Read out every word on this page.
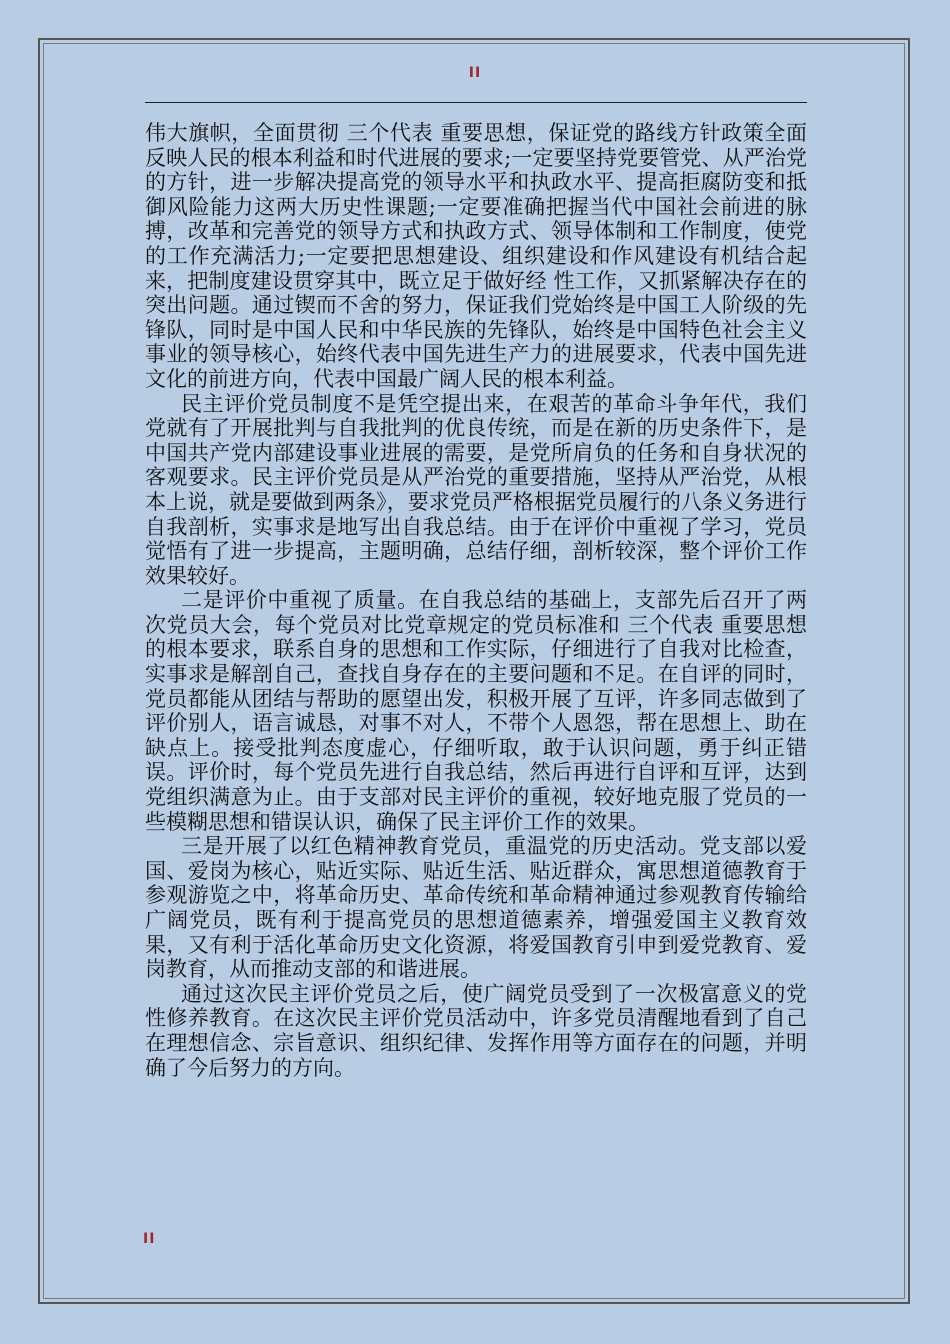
II

伟大旗帜，全面贯彻 三个代表 重要思想，保证党的路线方针政策全面反映人民的根本利益和时代进展的要求;一定要坚持党要管党、从严治党的方针，进一步解决提高党的领导水平和执政水平、提高拒腐防变和抵御风险能力这两大历史性课题;一定要准确把握当代中国社会前进的脉搏，改革和完善党的领导方式和执政方式、领导体制和工作制度，使党的工作充满活力;一定要把思想建设、组织建设和作风建设有机结合起来，把制度建设贯穿其中，既立足于做好经 性工作，又抓紧解决存在的突出问题。通过锲而不舍的努力，保证我们党始终是中国工人阶级的先锋队，同时是中国人民和中华民族的先锋队，始终是中国特色社会主义事业的领导核心，始终代表中国先进生产力的进展要求，代表中国先进文化的前进方向，代表中国最广阔人民的根本利益。

民主评价党员制度不是凭空提出来，在艰苦的革命斗争年代，我们党就有了开展批判与自我批判的优良传统，而是在新的历史条件下，是中国共产党内部建设事业进展的需要，是党所肩负的任务和自身状况的客观要求。民主评价党员是从严治党的重要措施，坚持从严治党，从根本上说，就是要做到两条》，要求党员严格根据党员履行的八条义务进行自我剖析，实事求是地写出自我总结。由于在评价中重视了学习，党员觉悟有了进一步提高，主题明确，总结仔细，剖析较深，整个评价工作效果较好。

二是评价中重视了质量。在自我总结的基础上，支部先后召开了两次党员大会，每个党员对比党章规定的党员标准和 三个代表 重要思想的根本要求，联系自身的思想和工作实际，仔细进行了自我对比检查，实事求是解剖自己，查找自身存在的主要问题和不足。在自评的同时，党员都能从团结与帮助的愿望出发，积极开展了互评，许多同志做到了评价别人，语言诚恳，对事不对人，不带个人恩怨，帮在思想上、助在缺点上。接受批判态度虚心，仔细听取，敢于认识问题，勇于纠正错误。评价时，每个党员先进行自我总结，然后再进行自评和互评，达到党组织满意为止。由于支部对民主评价的重视，较好地克服了党员的一些模糊思想和错误认识，确保了民主评价工作的效果。

三是开展了以红色精神教育党员，重温党的历史活动。党支部以爱国、爱岗为核心，贴近实际、贴近生活、贴近群众，寓思想道德教育于参观游览之中，将革命历史、革命传统和革命精神通过参观教育传输给广阔党员，既有利于提高党员的思想道德素养，增强爱国主义教育效果，又有利于活化革命历史文化资源，将爱国教育引申到爱党教育、爱岗教育，从而推动支部的和谐进展。

通过这次民主评价党员之后，使广阔党员受到了一次极富意义的党性修养教育。在这次民主评价党员活动中，许多党员清醒地看到了自己在理想信念、宗旨意识、组织纪律、发挥作用等方面存在的问题，并明确了今后努力的方向。

II
